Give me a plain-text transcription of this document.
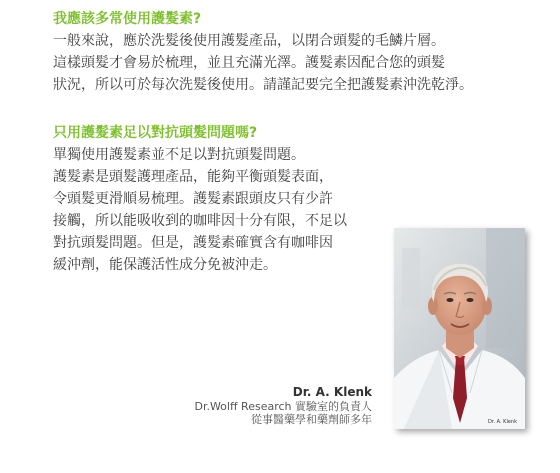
我應該多常使用護髮素?
一般來說，應於洗髮後使用護髮產品，以閉合頭髮的毛鱗片層。
這樣頭髮才會易於梳理，並且充滿光澤。護髮素因配合您的頭髮
狀況，所以可於每次洗髮後使用。請謹記要完全把護髮素沖洗乾淨。
只用護髮素足以對抗頭髮問題嗎?
單獨使用護髮素並不足以對抗頭髮問題。
護髮素是頭髮護理產品，能夠平衡頭髮表面，
令頭髮更滑順易梳理。護髮素跟頭皮只有少許
接觸，所以能吸收到的咖啡因十分有限，不足以
對抗頭髮問題。但是，護髮素確實含有咖啡因
緩沖劑，能保護活性成分免被沖走。
Dr. A. Klenk
Dr. A. Klenk
Dr.Wolff Research 實驗室的負責人
從事醫藥學和藥劑師多年
